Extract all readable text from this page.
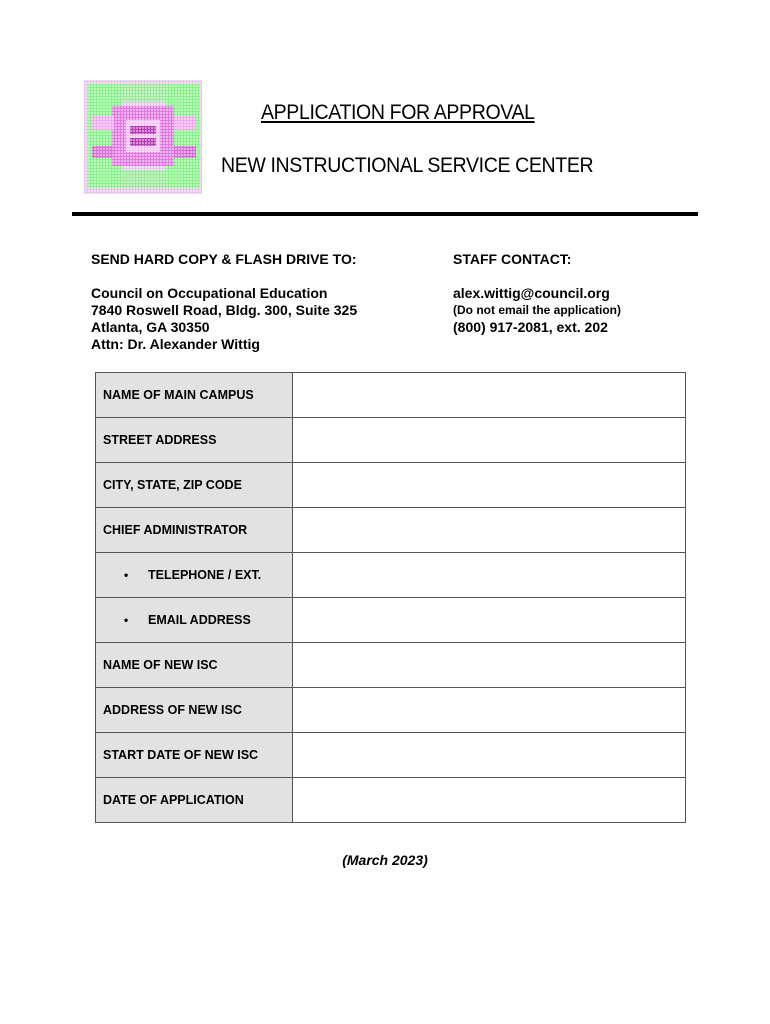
APPLICATION FOR APPROVAL
NEW INSTRUCTIONAL SERVICE CENTER
SEND HARD COPY & FLASH DRIVE TO:
Council on Occupational Education
7840 Roswell Road, Bldg. 300, Suite 325
Atlanta, GA 30350
Attn: Dr. Alexander Wittig
STAFF CONTACT:
alex.wittig@council.org
(Do not email the application)
(800) 917-2081, ext. 202
NAME OF MAIN CAMPUS	
STREET ADDRESS	
CITY, STATE, ZIP CODE	
CHIEF ADMINISTRATOR	
• TELEPHONE / EXT.	
• EMAIL ADDRESS	
NAME OF NEW ISC	
ADDRESS OF NEW ISC	
START DATE OF NEW ISC	
DATE OF APPLICATION	
(March 2023)
